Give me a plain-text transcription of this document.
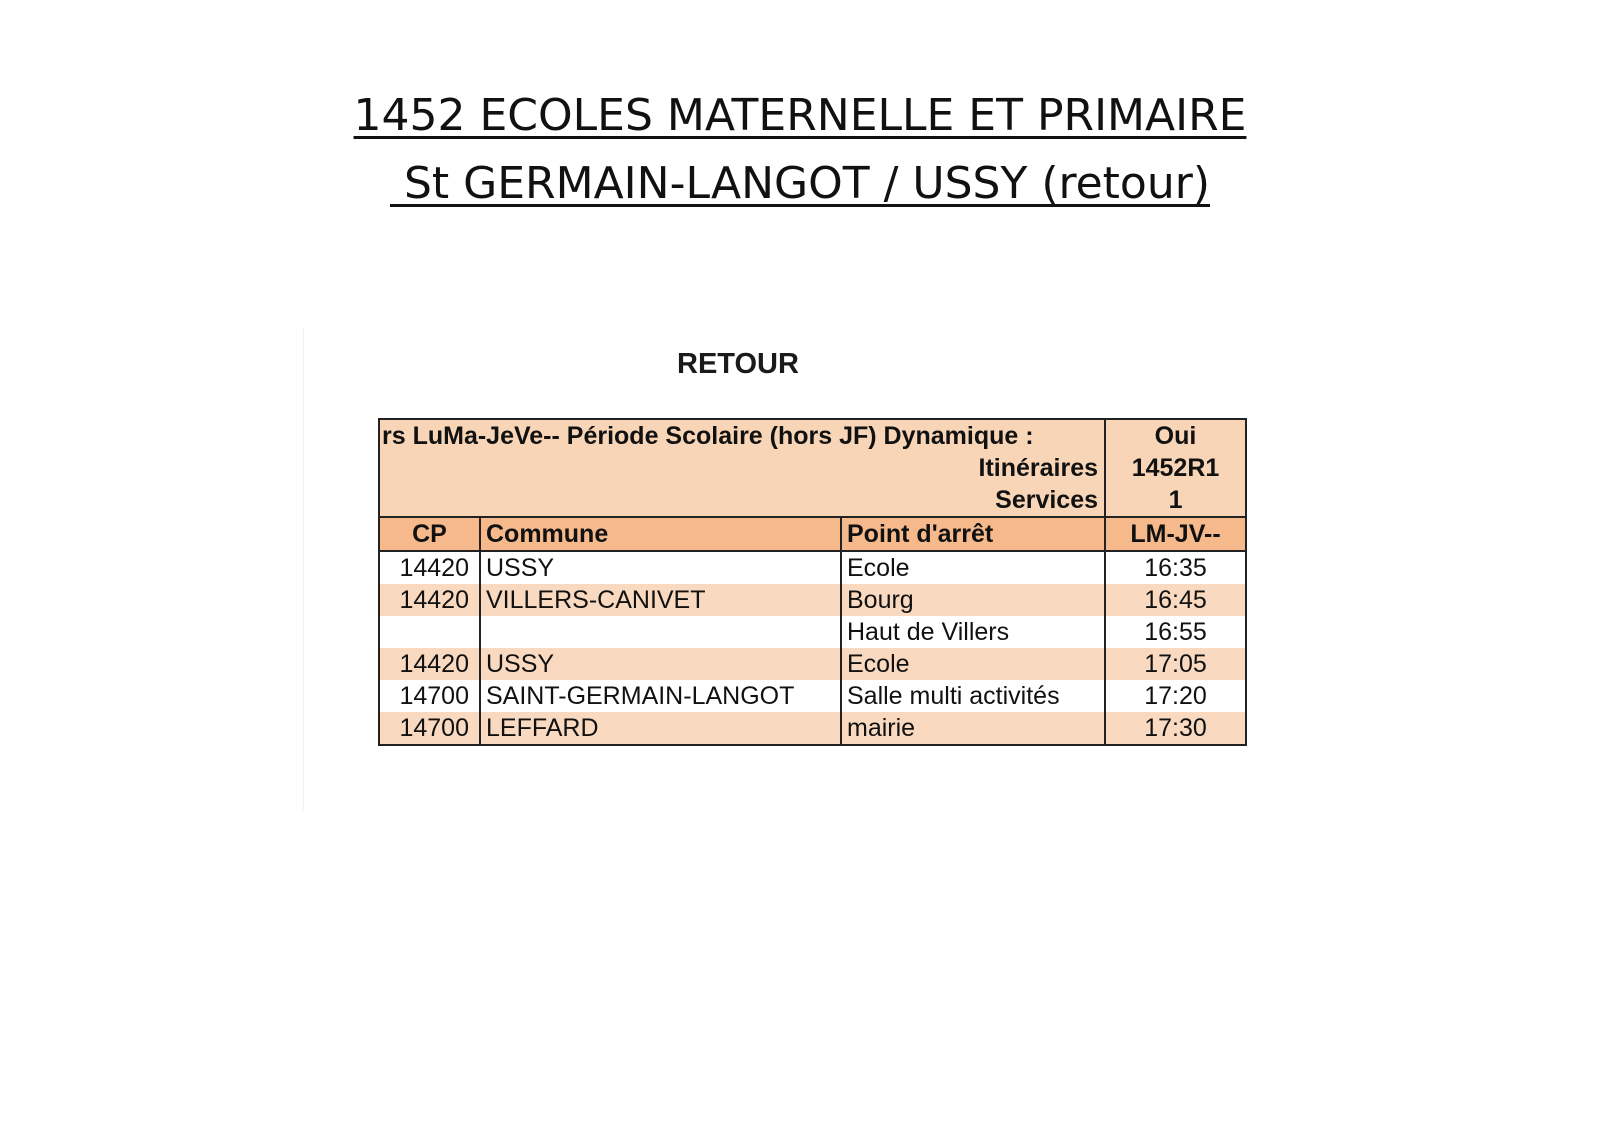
1452 ECOLES MATERNELLE ET PRIMAIRE
St GERMAIN-LANGOT / USSY (retour)
RETOUR
rs LuMa-JeVe-- Période Scolaire (hors JF) Dynamique :			Oui
Itinéraires			1452R1
Services			1
CP	Commune	Point d'arrêt	LM-JV--
14420	USSY	Ecole	16:35
14420	VILLERS-CANIVET	Bourg	16:45
		Haut de Villers	16:55
14420	USSY	Ecole	17:05
14700	SAINT-GERMAIN-LANGOT	Salle multi activités	17:20
14700	LEFFARD	mairie	17:30
